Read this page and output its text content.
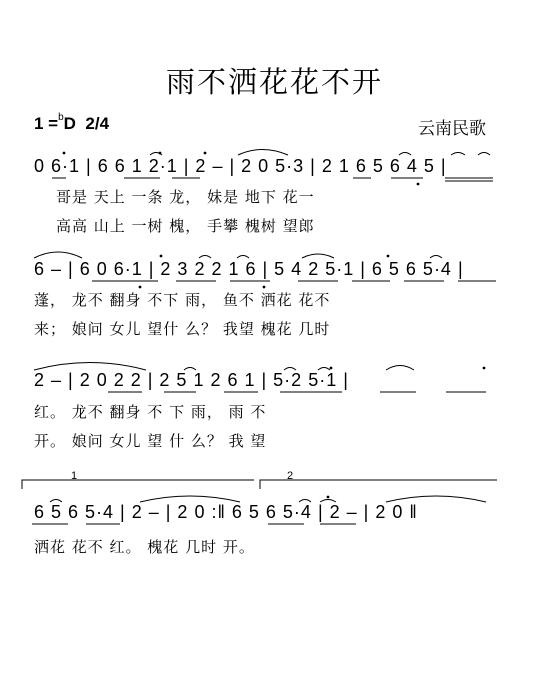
雨不洒花花不开
1 =$^b$D 2/4	云南民歌
0 6·1 | 6 6 1 2·1 | 2 – | 2 0 5·3 | 2 1 6 5 6 4 5 |
哥是 天上 一条 龙， 妹是 地下 花一
高高 山上 一树 槐， 手攀 槐树 望郎
6 – | 6 0 6·1 | 2 3 2 2 1 6 | 5 4 2 5·1 | 6 5 6 5·4 |
蓬， 龙不 翻身 不下 雨， 鱼不 洒花 花不
来； 娘问 女儿 望什 么？ 我望 槐花 几时
2 – | 2 0 2 2 | 2 5 1 2 6 1 | 5·2 5·1 |
红。 龙不 翻身 不 下 雨， 雨 不
开。 娘问 女儿 望 什 么？ 我 望
6 5 6 5·4 | 2 – | 2 0 :‖ 6 5 6 5·4 | 2 – | 2 0 ‖
洒花 花不 红。 槐花 几时 开。
1	2
